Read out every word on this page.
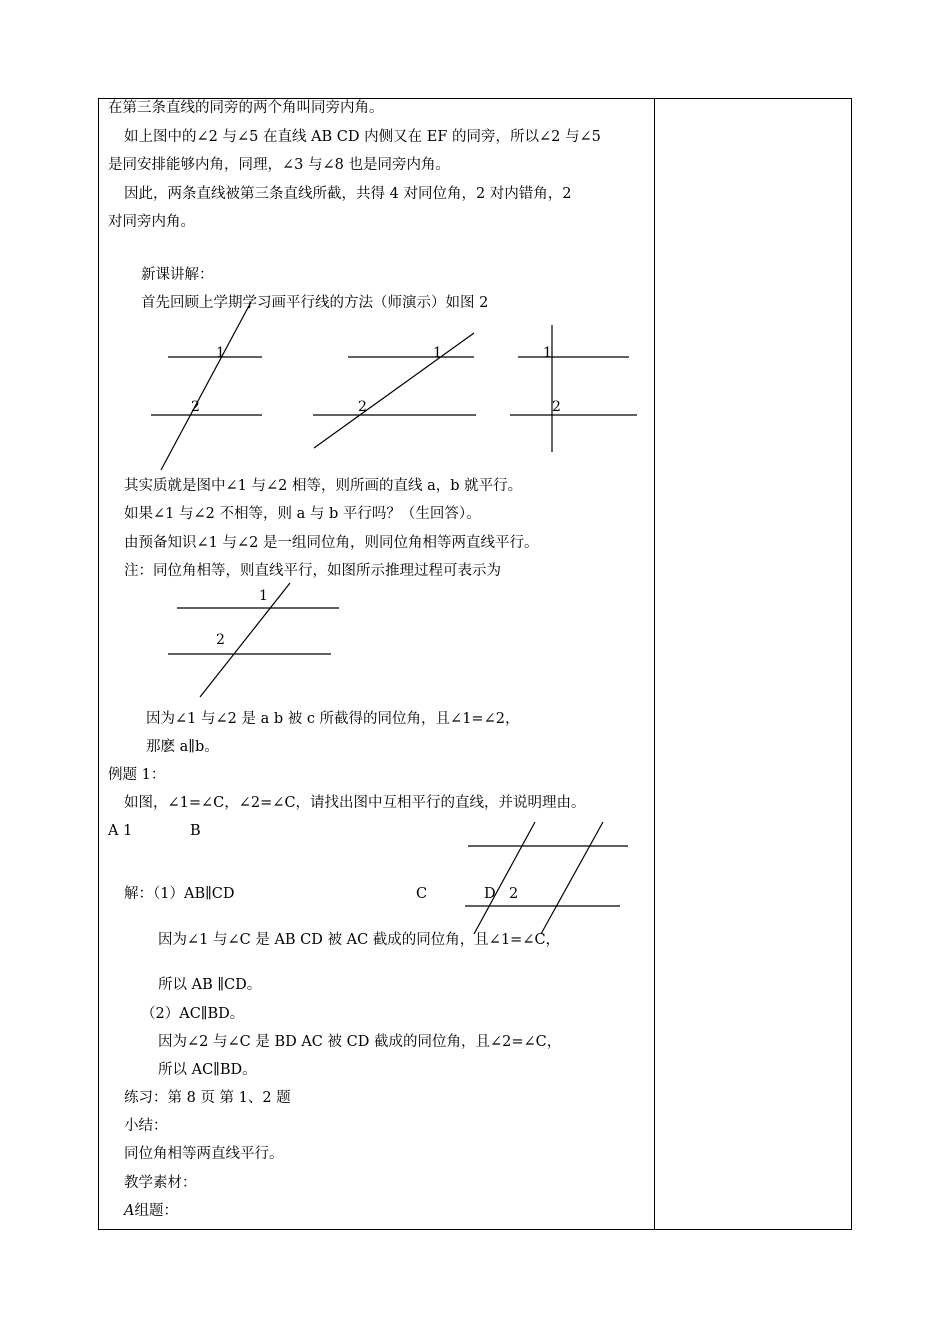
在第三条直线的同旁的两个角叫同旁内角。
如上图中的∠2 与∠5 在直线 AB CD 内侧又在 EF 的同旁，所以∠2 与∠5
是同安排能够内角，同理，∠3 与∠8 也是同旁内角。
因此，两条直线被第三条直线所截，共得 4 对同位角，2 对内错角，2
对同旁内角。
新课讲解：
首先回顾上学期学习画平行线的方法（师演示）如图 2
1
2
1
2
1
2
其实质就是图中∠1 与∠2 相等，则所画的直线 a，b 就平行。
如果∠1 与∠2 不相等，则 a 与 b 平行吗？（生回答）。
由预备知识∠1 与∠2 是一组同位角，则同位角相等两直线平行。
注：同位角相等，则直线平行，如图所示推理过程可表示为
1
2
因为∠1 与∠2 是 a b 被 c 所截得的同位角，且∠1=∠2，
那麽 a∥b。
例题 1：
如图，∠1=∠C，∠2=∠C，请找出图中互相平行的直线，并说明理由。
A 1	B
解：（1）AB∥CD	C	D 2
因为∠1 与∠C 是 AB CD 被 AC 截成的同位角，且∠1=∠C，
所以 AB ∥CD。
（2）AC∥BD。
因为∠2 与∠C 是 BD AC 被 CD 截成的同位角，且∠2=∠C，
所以 AC∥BD。
练习：第 8 页 第 1、2 题
小结：
同位角相等两直线平行。
教学素材：
A组题：
